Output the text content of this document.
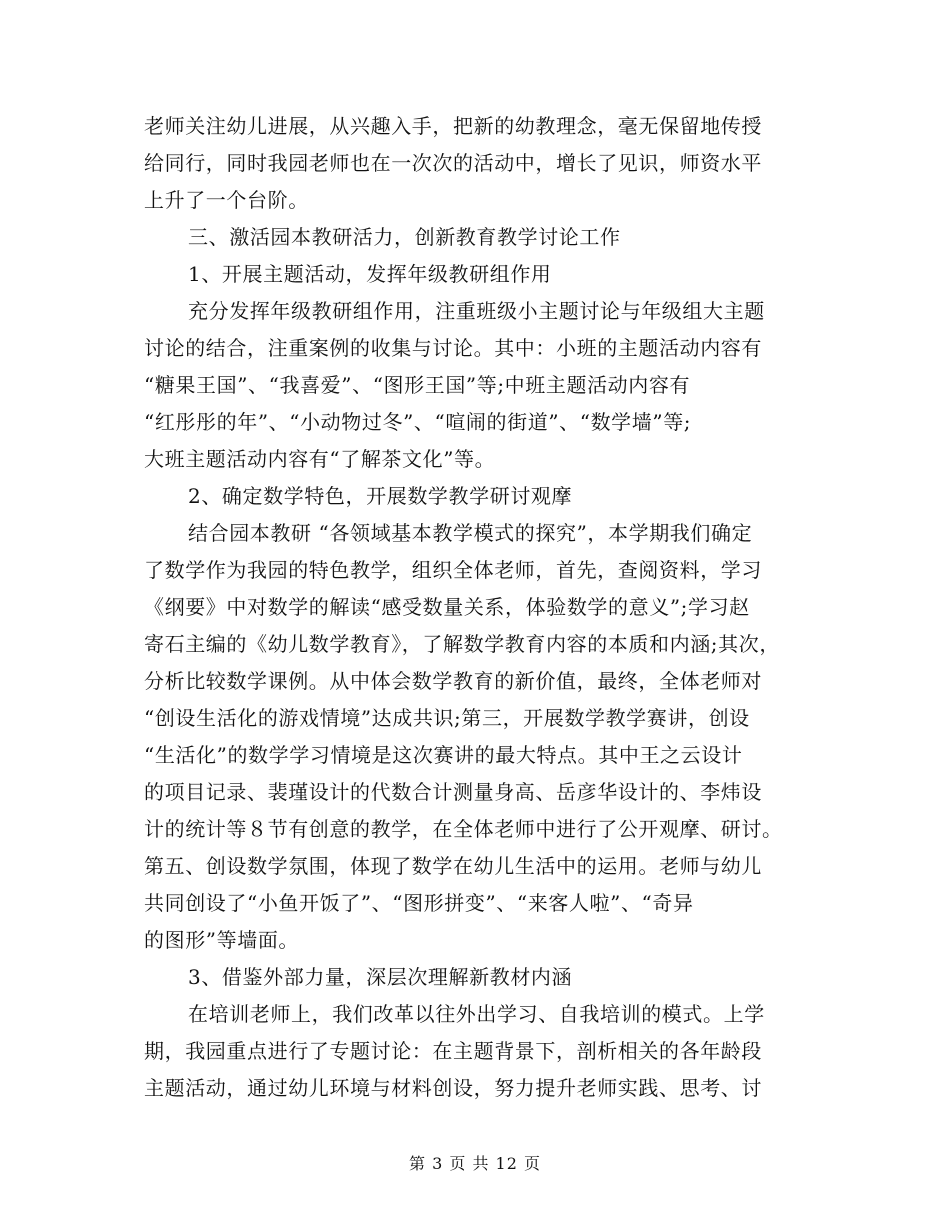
老师关注幼儿进展，从兴趣入手，把新的幼教理念，毫无保留地传授
给同行，同时我园老师也在一次次的活动中，增长了见识，师资水平
上升了一个台阶。
三、激活园本教研活力，创新教育教学讨论工作
1、开展主题活动，发挥年级教研组作用
充分发挥年级教研组作用，注重班级小主题讨论与年级组大主题
讨论的结合，注重案例的收集与讨论。其中：小班的主题活动内容有
“糖果王国”、“我喜爱”、“图形王国”等;中班主题活动内容有
“红彤彤的年”、“小动物过冬”、“喧闹的街道”、“数学墙”等;
大班主题活动内容有“了解茶文化”等。
2、确定数学特色，开展数学教学研讨观摩
结合园本教研 “各领域基本教学模式的探究”，本学期我们确定
了数学作为我园的特色教学，组织全体老师，首先，查阅资料，学习
《纲要》中对数学的解读“感受数量关系，体验数学的意义”;学习赵
寄石主编的《幼儿数学教育》，了解数学教育内容的本质和内涵;其次，
分析比较数学课例。从中体会数学教育的新价值，最终，全体老师对
“创设生活化的游戏情境”达成共识;第三，开展数学教学赛讲，创设
“生活化”的数学学习情境是这次赛讲的最大特点。其中王之云设计
的项目记录、裴瑾设计的代数合计测量身高、岳彦华设计的、李炜设
计的统计等８节有创意的教学，在全体老师中进行了公开观摩、研讨。
第五、创设数学氛围，体现了数学在幼儿生活中的运用。老师与幼儿
共同创设了“小鱼开饭了”、“图形拼变”、“来客人啦”、“奇异
的图形”等墙面。
3、借鉴外部力量，深层次理解新教材内涵
在培训老师上，我们改革以往外出学习、自我培训的模式。上学
期，我园重点进行了专题讨论：在主题背景下，剖析相关的各年龄段
主题活动，通过幼儿环境与材料创设，努力提升老师实践、思考、讨
第 3 页 共 12 页
